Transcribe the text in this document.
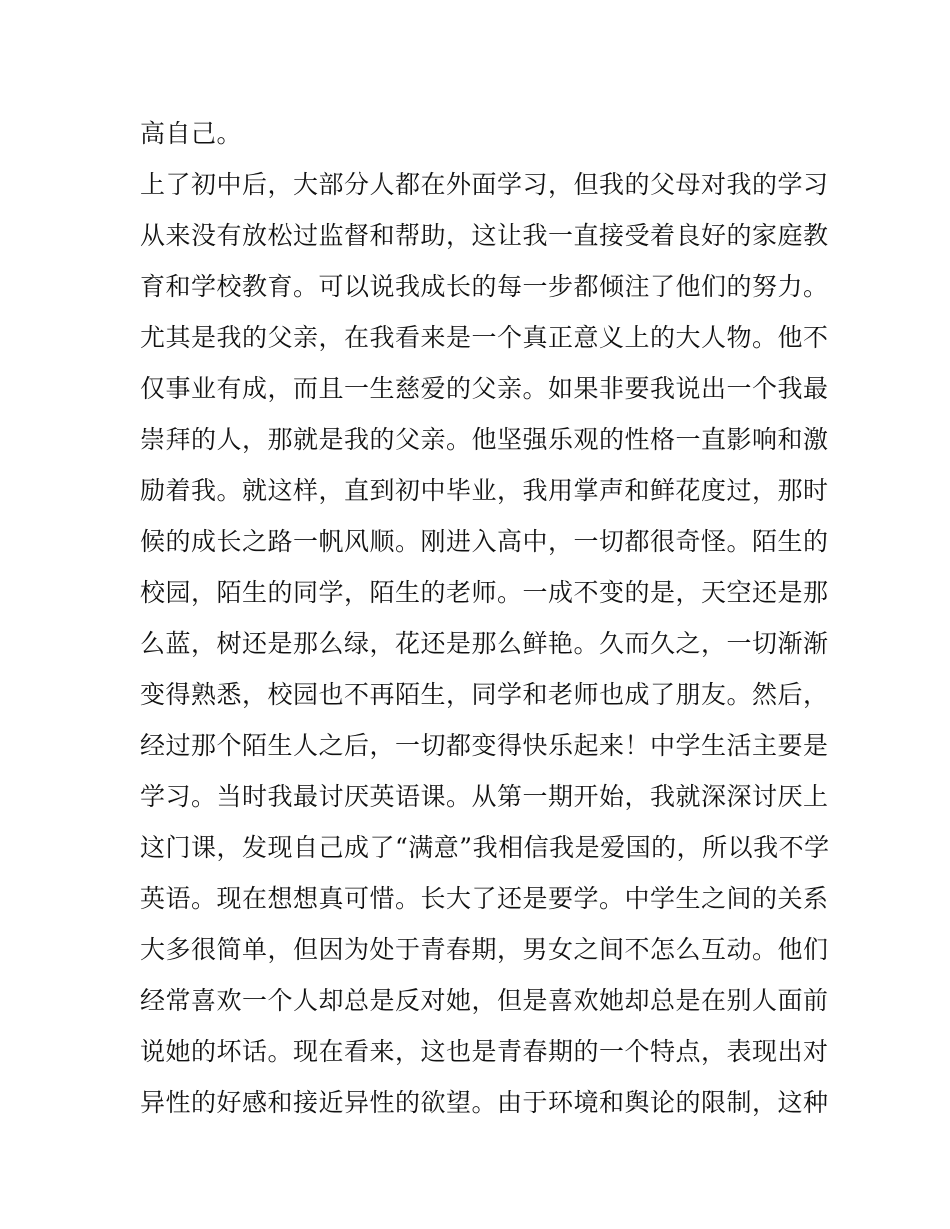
高自己。
上了初中后，大部分人都在外面学习，但我的父母对我的学习
从来没有放松过监督和帮助，这让我一直接受着良好的家庭教
育和学校教育。可以说我成长的每一步都倾注了他们的努力。
尤其是我的父亲，在我看来是一个真正意义上的大人物。他不
仅事业有成，而且一生慈爱的父亲。如果非要我说出一个我最
崇拜的人，那就是我的父亲。他坚强乐观的性格一直影响和激
励着我。就这样，直到初中毕业，我用掌声和鲜花度过，那时
候的成长之路一帆风顺。刚进入高中，一切都很奇怪。陌生的
校园，陌生的同学，陌生的老师。一成不变的是，天空还是那
么蓝，树还是那么绿，花还是那么鲜艳。久而久之，一切渐渐
变得熟悉，校园也不再陌生，同学和老师也成了朋友。然后，
经过那个陌生人之后，一切都变得快乐起来！中学生活主要是
学习。当时我最讨厌英语课。从第一期开始，我就深深讨厌上
这门课，发现自己成了“满意”我相信我是爱国的，所以我不学
英语。现在想想真可惜。长大了还是要学。中学生之间的关系
大多很简单，但因为处于青春期，男女之间不怎么互动。他们
经常喜欢一个人却总是反对她，但是喜欢她却总是在别人面前
说她的坏话。现在看来，这也是青春期的一个特点，表现出对
异性的好感和接近异性的欲望。由于环境和舆论的限制，这种
